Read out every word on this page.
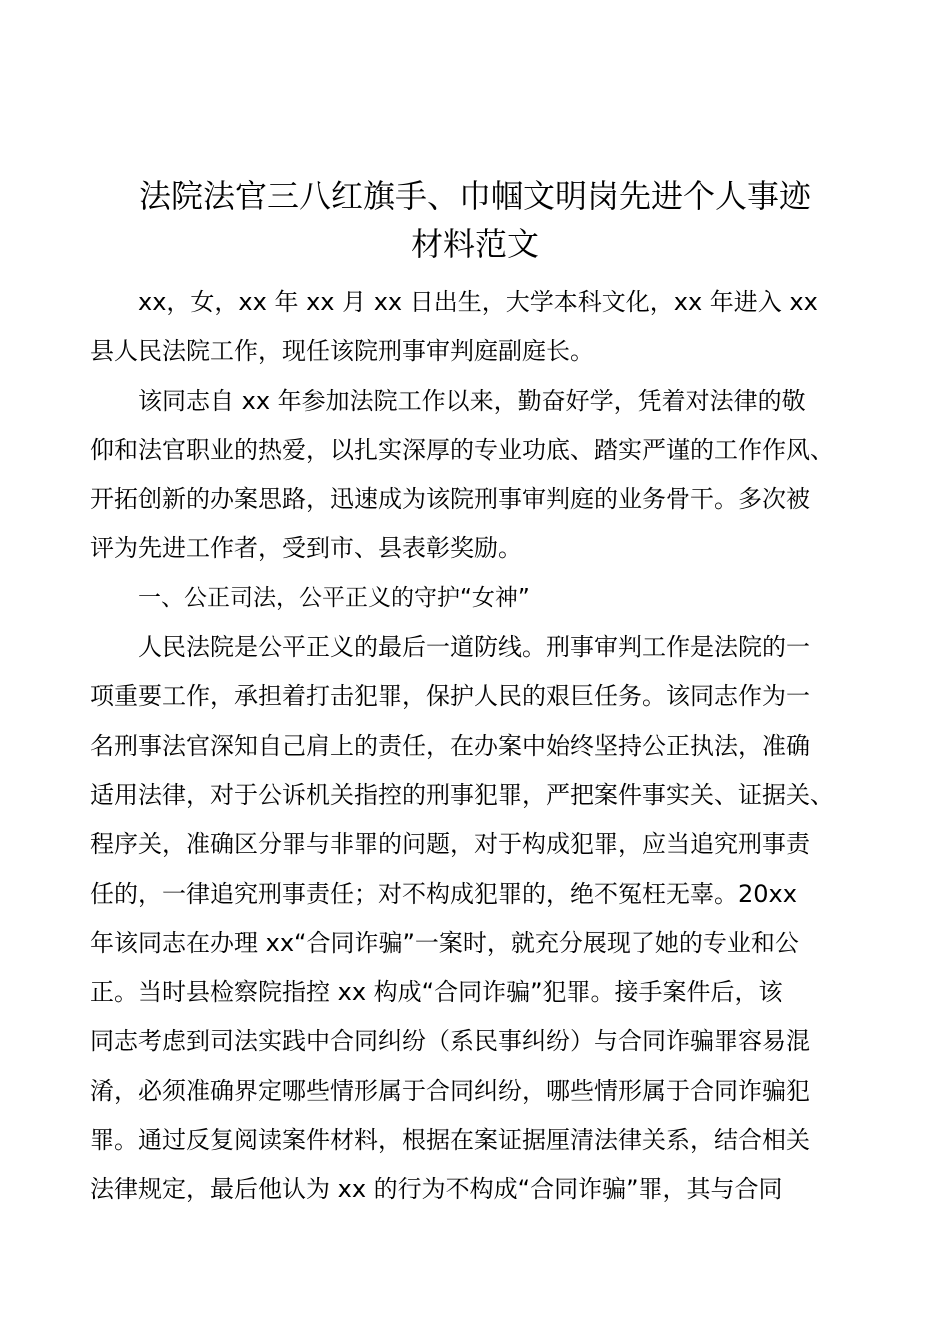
法院法官三八红旗手、巾帼文明岗先进个人事迹
材料范文
xx，女，xx 年 xx 月 xx 日出生，大学本科文化，xx 年进入 xx
县人民法院工作，现任该院刑事审判庭副庭长。
该同志自 xx 年参加法院工作以来，勤奋好学，凭着对法律的敬
仰和法官职业的热爱，以扎实深厚的专业功底、踏实严谨的工作作风、
开拓创新的办案思路，迅速成为该院刑事审判庭的业务骨干。多次被
评为先进工作者，受到市、县表彰奖励。
一、公正司法，公平正义的守护“女神”
人民法院是公平正义的最后一道防线。刑事审判工作是法院的一
项重要工作，承担着打击犯罪，保护人民的艰巨任务。该同志作为一
名刑事法官深知自己肩上的责任，在办案中始终坚持公正执法，准确
适用法律，对于公诉机关指控的刑事犯罪，严把案件事实关、证据关、
程序关，准确区分罪与非罪的问题，对于构成犯罪，应当追究刑事责
任的，一律追究刑事责任；对不构成犯罪的，绝不冤枉无辜。20xx
年该同志在办理 xx“合同诈骗”一案时，就充分展现了她的专业和公
正。当时县检察院指控 xx 构成“合同诈骗”犯罪。接手案件后，该
同志考虑到司法实践中合同纠纷（系民事纠纷）与合同诈骗罪容易混
淆，必须准确界定哪些情形属于合同纠纷，哪些情形属于合同诈骗犯
罪。通过反复阅读案件材料，根据在案证据厘清法律关系，结合相关
法律规定，最后他认为 xx 的行为不构成“合同诈骗”罪，其与合同
